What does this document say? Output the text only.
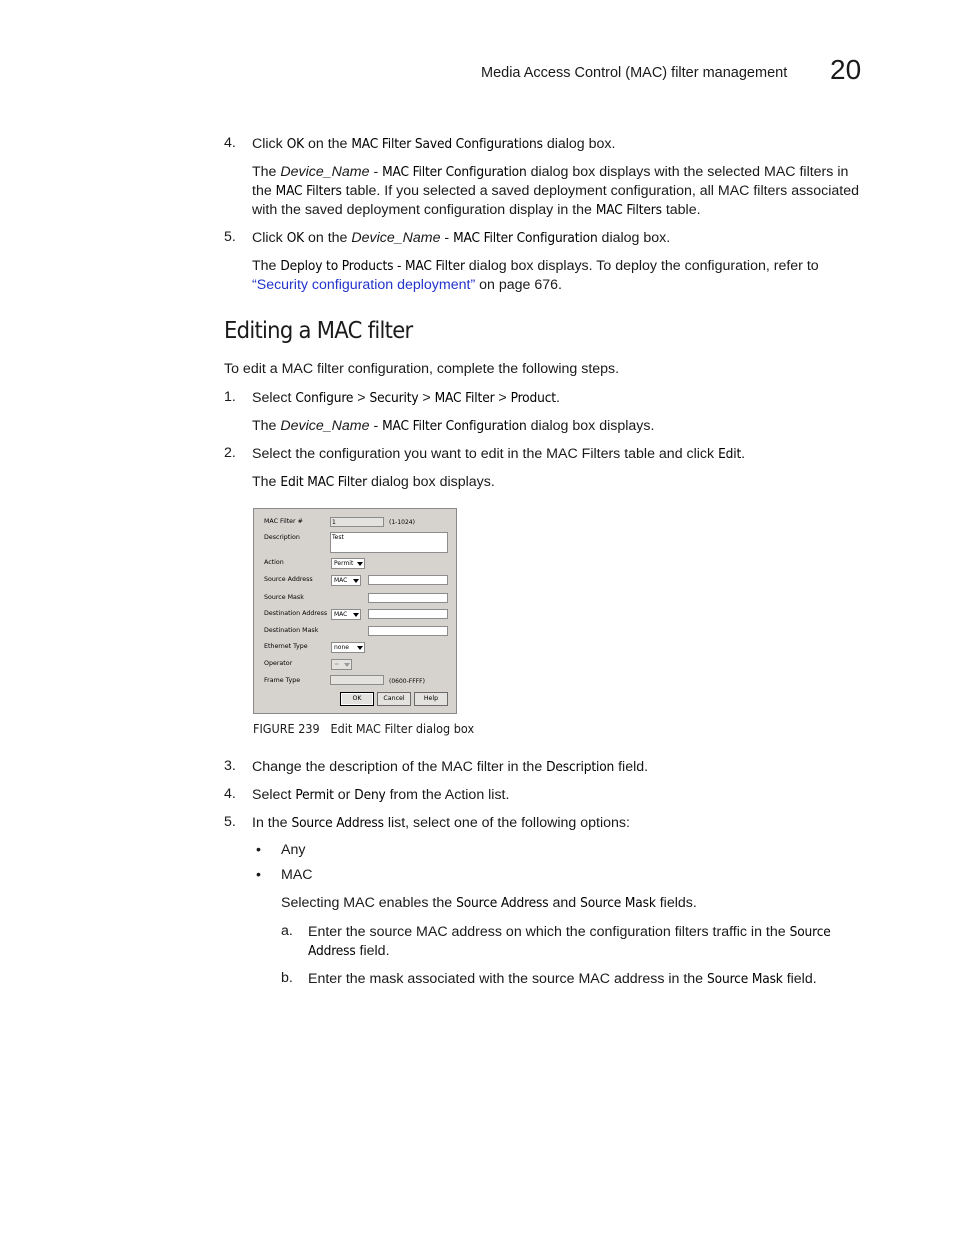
Media Access Control (MAC) filter management 20
4. Click OK on the MAC Filter Saved Configurations dialog box.
The Device_Name - MAC Filter Configuration dialog box displays with the selected MAC filters in the MAC Filters table. If you selected a saved deployment configuration, all MAC filters associated with the saved deployment configuration display in the MAC Filters table.
5. Click OK on the Device_Name - MAC Filter Configuration dialog box.
The Deploy to Products - MAC Filter dialog box displays. To deploy the configuration, refer to “Security configuration deployment” on page 676.
Editing a MAC filter
To edit a MAC filter configuration, complete the following steps.
1. Select Configure > Security > MAC Filter > Product.
The Device_Name - MAC Filter Configuration dialog box displays.
2. Select the configuration you want to edit in the MAC Filters table and click Edit.
The Edit MAC Filter dialog box displays.
MAC Filter #	1	(1-1024)
Description	Test
Action	Permit
Source Address	MAC
Source Mask
Destination Address	MAC
Destination Mask
Ethernet Type	none
Operator	=
Frame Type	(0600-FFFF)
OK	Cancel	Help
FIGURE 239 Edit MAC Filter dialog box
3. Change the description of the MAC filter in the Description field.
4. Select Permit or Deny from the Action list.
5. In the Source Address list, select one of the following options:
• Any
• MAC
Selecting MAC enables the Source Address and Source Mask fields.
a. Enter the source MAC address on which the configuration filters traffic in the Source Address field.
b. Enter the mask associated with the source MAC address in the Source Mask field.
